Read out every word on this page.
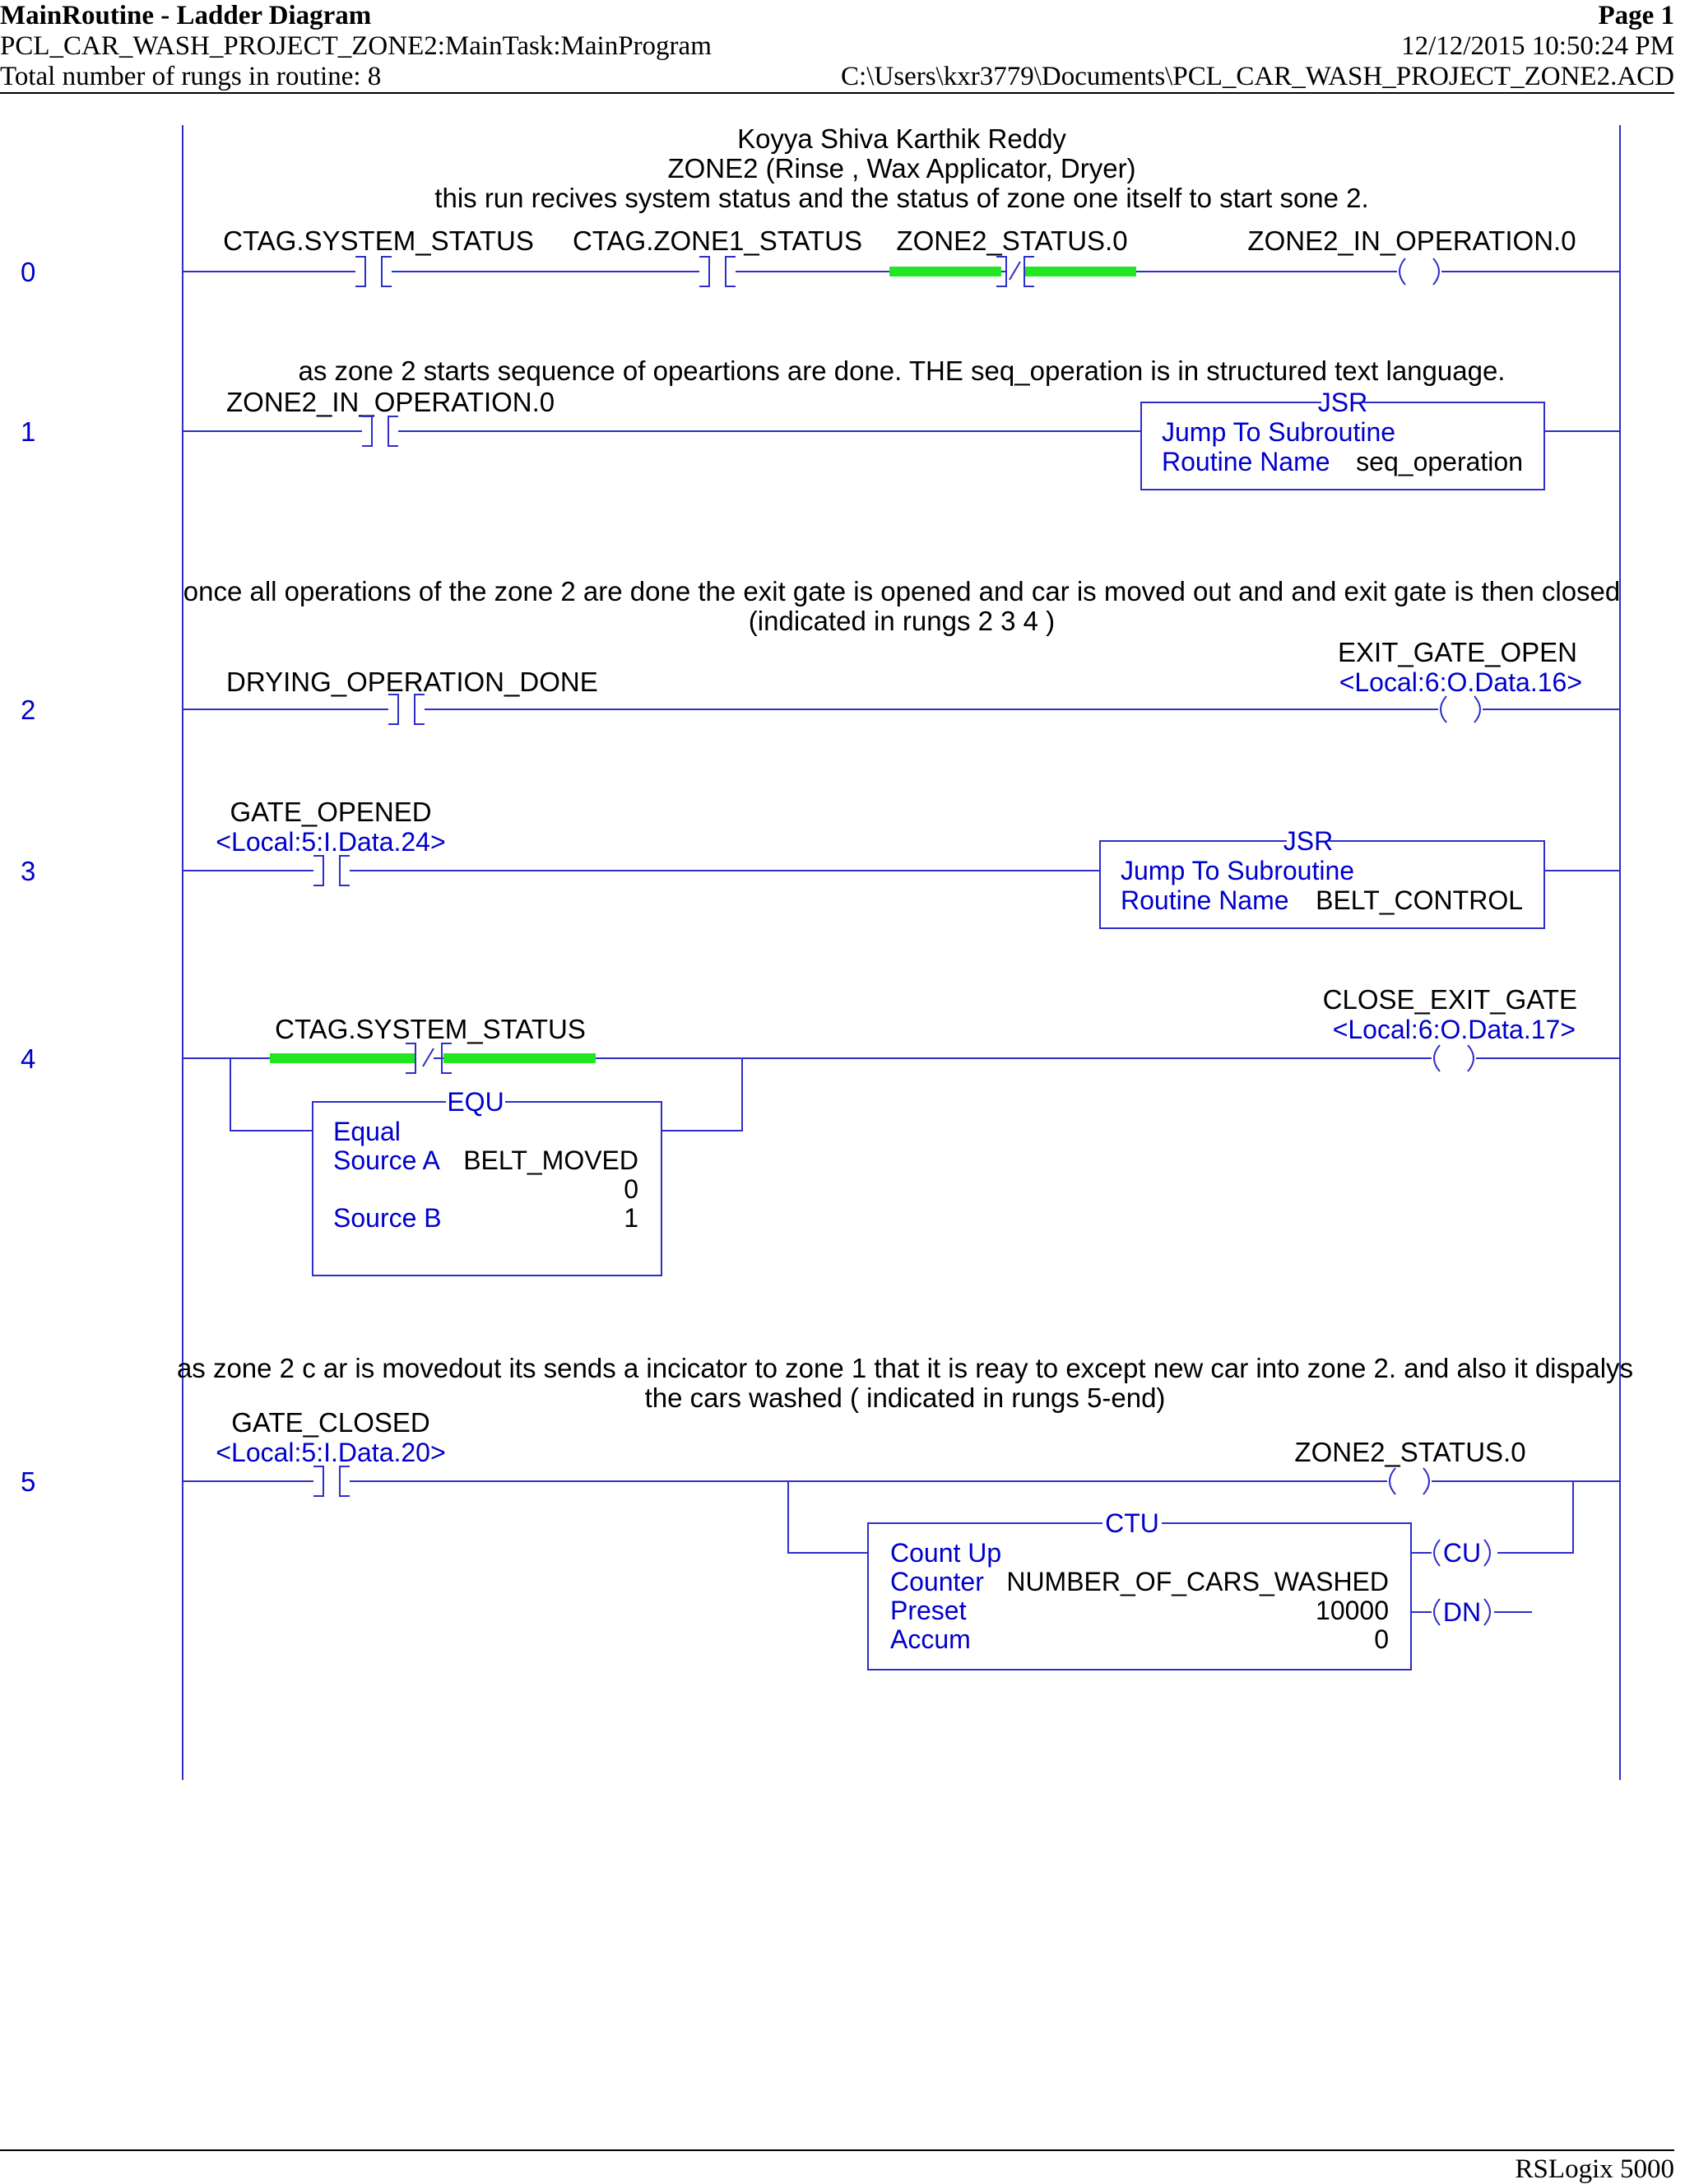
MainRoutine - Ladder Diagram	Page 1
PCL_CAR_WASH_PROJECT_ZONE2:MainTask:MainProgram	12/12/2015 10:50:24 PM
Total number of rungs in routine: 8	C:\Users\kxr3779\Documents\PCL_CAR_WASH_PROJECT_ZONE2.ACD
0
Koyya Shiva Karthik Reddy
ZONE2 (Rinse , Wax Applicator, Dryer)
this run recives system status and the status of zone one itself to start sone 2.
CTAG.SYSTEM_STATUS CTAG.ZONE1_STATUS ZONE2_STATUS.0	ZONE2_IN_OPERATION.0
1
as zone 2 starts sequence of opeartions are done. THE seq_operation is in structured text language.
ZONE2_IN_OPERATION.0	JSR
Jump To Subroutine
Routine Name seq_operation
2
once all operations of the zone 2 are done the exit gate is opened and car is moved out and and exit gate is then closed
(indicated in rungs 2 3 4 )
DRYING_OPERATION_DONE
EXIT_GATE_OPEN
<Local:6:O.Data.16>
3
GATE_OPENED
<Local:5:I.Data.24>	JSR
Jump To Subroutine
Routine Name BELT_CONTROL
4
CTAG.SYSTEM_STATUS
EQU
Equal
Source A BELT_MOVED
0
Source B	1
CLOSE_EXIT_GATE
<Local:6:O.Data.17>
5
as zone 2 c ar is movedout its sends a incicator to zone 1 that it is reay to except new car into zone 2. and also it dispalys
the cars washed ( indicated in rungs 5-end)
GATE_CLOSED
<Local:5:I.Data.20>	ZONE2_STATUS.0
CTU
Count Up
Counter NUMBER_OF_CARS_WASHED
Preset	10000
Accum	0
CU
DN
RSLogix 5000
